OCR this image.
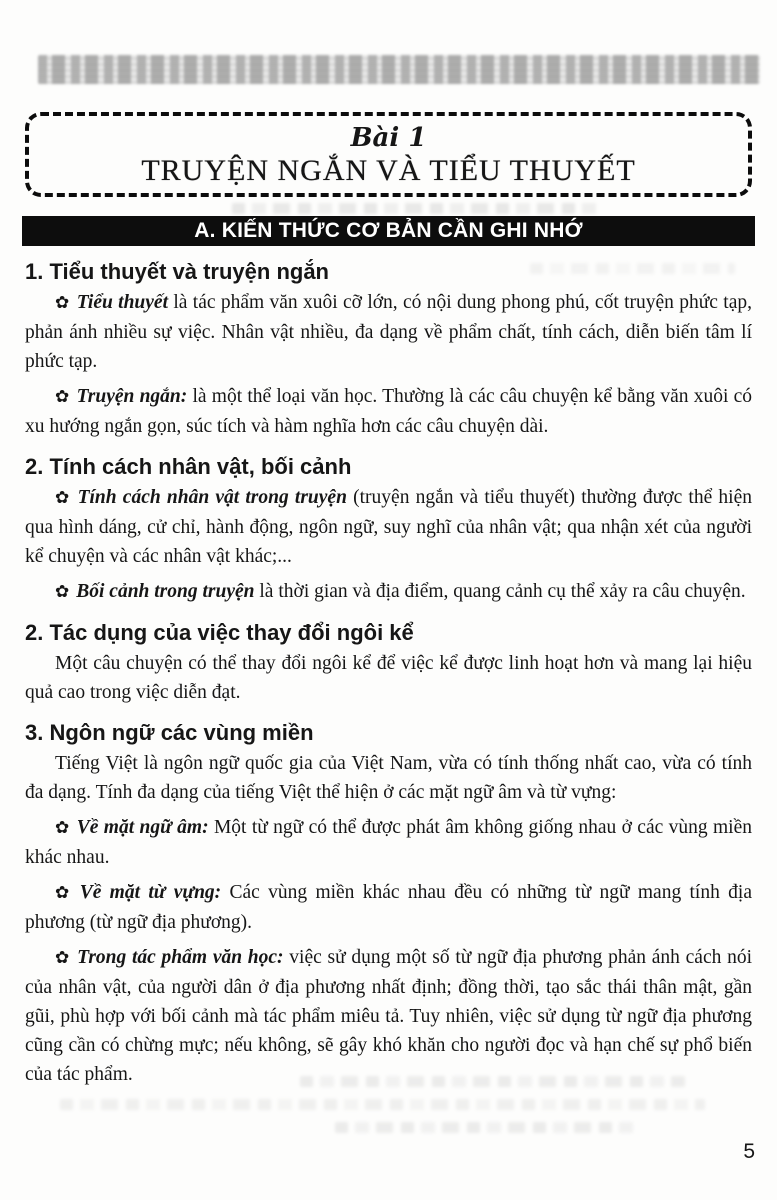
Bài 1
TRUYỆN NGẮN VÀ TIỂU THUYẾT
A. KIẾN THỨC CƠ BẢN CẦN GHI NHỚ
1. Tiểu thuyết và truyện ngắn

✿ Tiểu thuyết là tác phẩm văn xuôi cỡ lớn, có nội dung phong phú, cốt truyện phức tạp, phản ánh nhiều sự việc. Nhân vật nhiều, đa dạng về phẩm chất, tính cách, diễn biến tâm lí phức tạp.

✿ Truyện ngắn: là một thể loại văn học. Thường là các câu chuyện kể bằng văn xuôi có xu hướng ngắn gọn, súc tích và hàm nghĩa hơn các câu chuyện dài.

2. Tính cách nhân vật, bối cảnh

✿ Tính cách nhân vật trong truyện (truyện ngắn và tiểu thuyết) thường được thể hiện qua hình dáng, cử chỉ, hành động, ngôn ngữ, suy nghĩ của nhân vật; qua nhận xét của người kể chuyện và các nhân vật khác;...

✿ Bối cảnh trong truyện là thời gian và địa điểm, quang cảnh cụ thể xảy ra câu chuyện.

2. Tác dụng của việc thay đổi ngôi kể

Một câu chuyện có thể thay đổi ngôi kể để việc kể được linh hoạt hơn và mang lại hiệu quả cao trong việc diễn đạt.

3. Ngôn ngữ các vùng miền

Tiếng Việt là ngôn ngữ quốc gia của Việt Nam, vừa có tính thống nhất cao, vừa có tính đa dạng. Tính đa dạng của tiếng Việt thể hiện ở các mặt ngữ âm và từ vựng:

✿ Về mặt ngữ âm: Một từ ngữ có thể được phát âm không giống nhau ở các vùng miền khác nhau.

✿ Về mặt từ vựng: Các vùng miền khác nhau đều có những từ ngữ mang tính địa phương (từ ngữ địa phương).

✿ Trong tác phẩm văn học: việc sử dụng một số từ ngữ địa phương phản ánh cách nói của nhân vật, của người dân ở địa phương nhất định; đồng thời, tạo sắc thái thân mật, gần gũi, phù hợp với bối cảnh mà tác phẩm miêu tả. Tuy nhiên, việc sử dụng từ ngữ địa phương cũng cần có chừng mực; nếu không, sẽ gây khó khăn cho người đọc và hạn chế sự phổ biến của tác phẩm.

5
